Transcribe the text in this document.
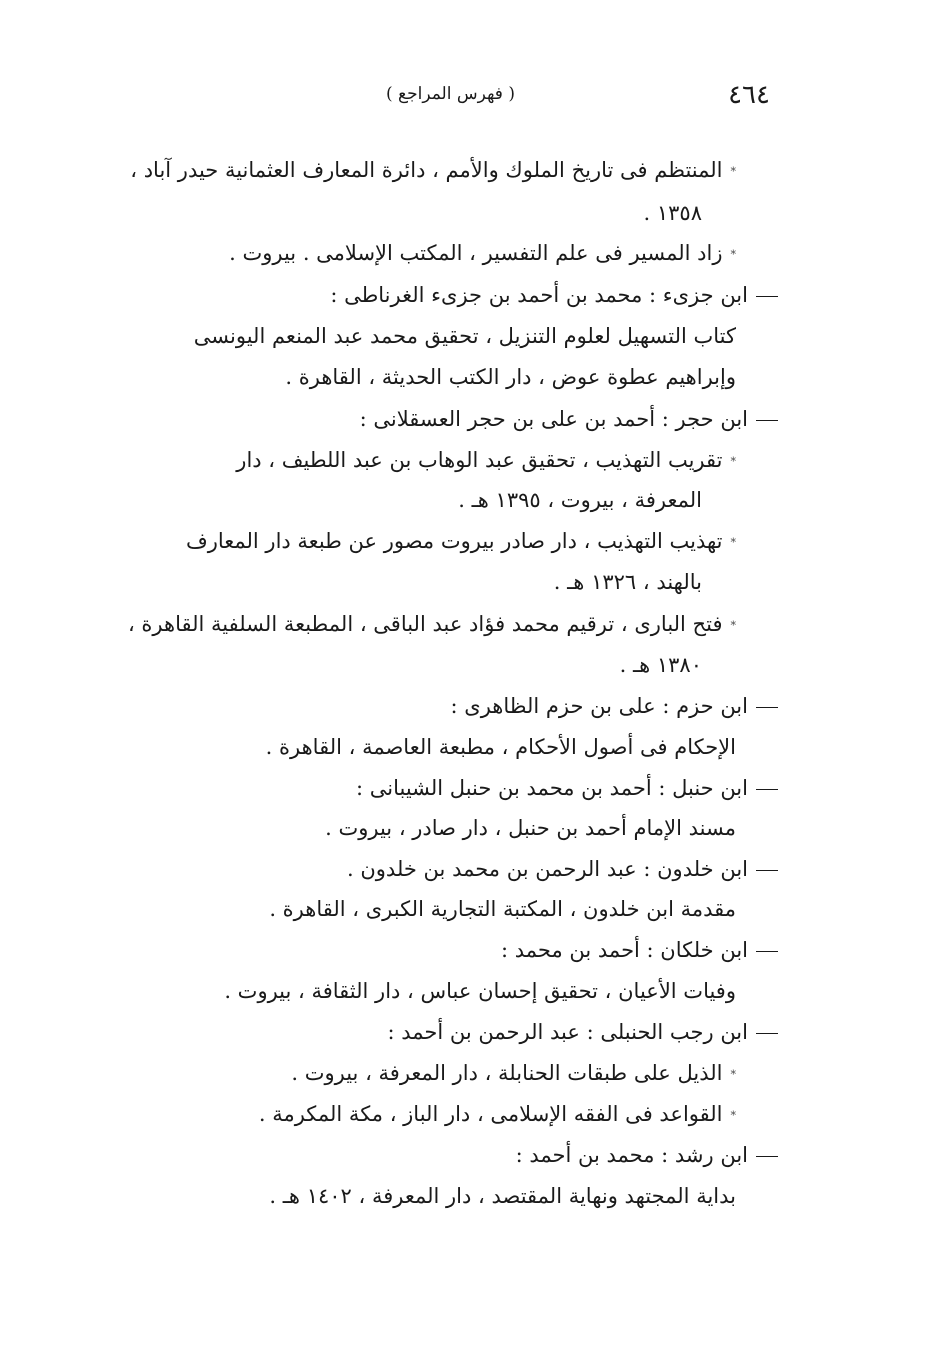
٤٦٤
( فهرس المراجع )
*المنتظم فى تاريخ الملوك والأمم ، دائرة المعارف العثمانية حيدر آباد ،
١٣٥٨ .
*زاد المسير فى علم التفسير ، المكتب الإسلامى . بيروت .
ابن جزىء : محمد بن أحمد بن جزىء الغرناطى :
كتاب التسهيل لعلوم التنزيل ، تحقيق محمد عبد المنعم اليونسى
وإبراهيم عطوة عوض ، دار الكتب الحديثة ، القاهرة .
ابن حجر : أحمد بن على بن حجر العسقلانى :
*تقريب التهذيب ، تحقيق عبد الوهاب بن عبد اللطيف ، دار
المعرفة ، بيروت ، ١٣٩٥ هـ .
*تهذيب التهذيب ، دار صادر بيروت مصور عن طبعة دار المعارف
بالهند ، ١٣٢٦ هـ .
*فتح البارى ، ترقيم محمد فؤاد عبد الباقى ، المطبعة السلفية القاهرة ،
١٣٨٠ هـ .
ابن حزم : على بن حزم الظاهرى :
الإحكام فى أصول الأحكام ، مطبعة العاصمة ، القاهرة .
ابن حنبل : أحمد بن محمد بن حنبل الشيبانى :
مسند الإمام أحمد بن حنبل ، دار صادر ، بيروت .
ابن خلدون : عبد الرحمن بن محمد بن خلدون .
مقدمة ابن خلدون ، المكتبة التجارية الكبرى ، القاهرة .
ابن خلكان : أحمد بن محمد :
وفيات الأعيان ، تحقيق إحسان عباس ، دار الثقافة ، بيروت .
ابن رجب الحنبلى : عبد الرحمن بن أحمد :
*الذيل على طبقات الحنابلة ، دار المعرفة ، بيروت .
*القواعد فى الفقه الإسلامى ، دار الباز ، مكة المكرمة .
ابن رشد : محمد بن أحمد :
بداية المجتهد ونهاية المقتصد ، دار المعرفة ، ١٤٠٢ هـ .
